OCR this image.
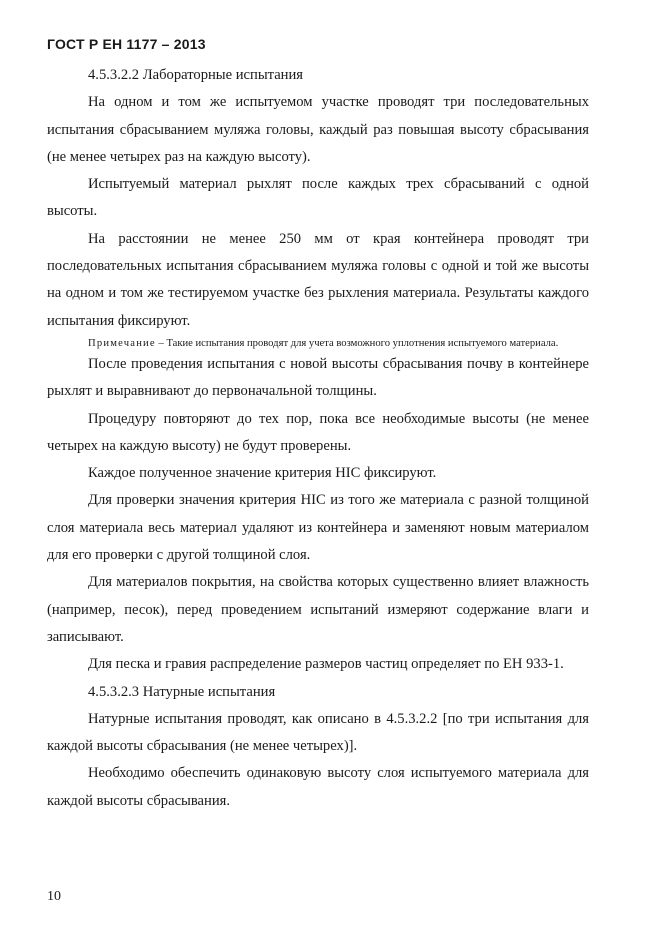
ГОСТ Р ЕН 1177 – 2013

4.5.3.2.2 Лабораторные испытания

На одном и том же испытуемом участке проводят три последовательных испытания сбрасыванием муляжа головы, каждый раз повышая высоту сбрасывания (не менее четырех раз на каждую высоту).

Испытуемый материал рыхлят после каждых трех сбрасываний с одной высоты.

На расстоянии не менее 250 мм от края контейнера проводят три последовательных испытания сбрасыванием муляжа головы с одной и той же высоты на одном и том же тестируемом участке без рыхления материала. Результаты каждого испытания фиксируют.

Примечание – Такие испытания проводят для учета возможного уплотнения испытуемого материала.

После проведения испытания с новой высоты сбрасывания почву в контейнере рыхлят и выравнивают до первоначальной толщины.

Процедуру повторяют до тех пор, пока все необходимые высоты (не менее четырех на каждую высоту) не будут проверены.

Каждое полученное значение критерия HIC фиксируют.

Для проверки значения критерия HIC из того же материала с разной толщиной слоя материала весь материал удаляют из контейнера и заменяют новым материалом для его проверки с другой толщиной слоя.

Для материалов покрытия, на свойства которых существенно влияет влажность (например, песок), перед проведением испытаний измеряют содержание влаги и записывают.

Для песка и гравия распределение размеров частиц определяет по ЕН 933-1.

4.5.3.2.3 Натурные испытания

Натурные испытания проводят, как описано в 4.5.3.2.2 [по три испытания для каждой высоты сбрасывания (не менее четырех)].

Необходимо обеспечить одинаковую высоту слоя испытуемого материала для каждой высоты сбрасывания.

10
